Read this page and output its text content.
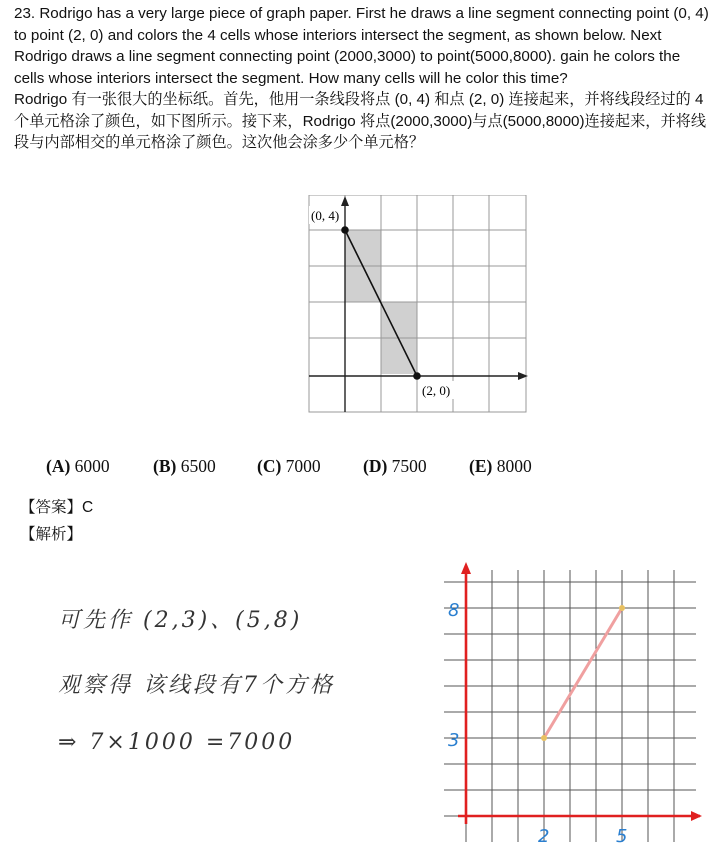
23. Rodrigo has a very large piece of graph paper. First he draws a line segment connecting point (0, 4) to point (2, 0) and colors the 4 cells whose interiors intersect the segment, as shown below. Next Rodrigo draws a line segment connecting point (2000,3000) to point(5000,8000). gain he colors the cells whose interiors intersect the segment. How many cells will he color this time?

Rodrigo 有一张很大的坐标纸。首先，他用一条线段将点 (0, 4) 和点 (2, 0) 连接起来，并将线段经过的 4 个单元格涂了颜色，如下图所示。接下来，Rodrigo 将点(2000,3000)与点(5000,8000)连接起来，并将线段与内部相交的单元格涂了颜色。这次他会涂多少个单元格？

(0, 4)
(2, 0)
(A) 6000 (B) 6500 (C) 7000 (D) 7500 (E) 8000
【答案】C
【解析】
可先作 (2,3)、(5,8)
观察得 该线段有7个方格
⇒ 7×1000 =7000
8
3
2	5
